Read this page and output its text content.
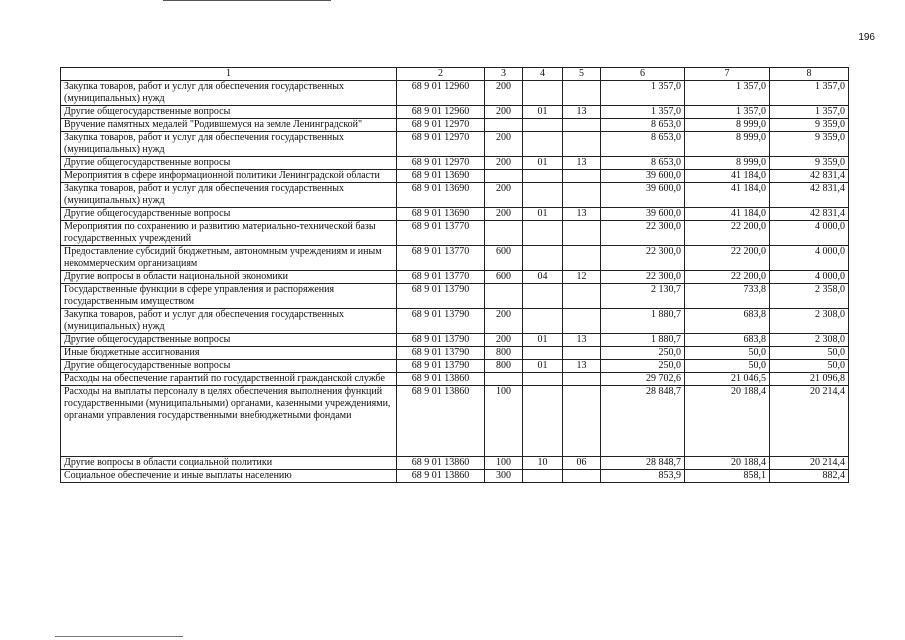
196
1	2	3	4	5	6	7	8
Закупка товаров, работ и услуг для обеспечения государственных (муниципальных) нужд	68 9 01 12960	200			1 357,0	1 357,0	1 357,0
Другие общегосударственные вопросы	68 9 01 12960	200	01	13	1 357,0	1 357,0	1 357,0
Вручение памятных медалей "Родившемуся на земле Ленинградской"	68 9 01 12970				8 653,0	8 999,0	9 359,0
Закупка товаров, работ и услуг для обеспечения государственных (муниципальных) нужд	68 9 01 12970	200			8 653,0	8 999,0	9 359,0
Другие общегосударственные вопросы	68 9 01 12970	200	01	13	8 653,0	8 999,0	9 359,0
Мероприятия в сфере информационной политики Ленинградской области	68 9 01 13690				39 600,0	41 184,0	42 831,4
Закупка товаров, работ и услуг для обеспечения государственных (муниципальных) нужд	68 9 01 13690	200			39 600,0	41 184,0	42 831,4
Другие общегосударственные вопросы	68 9 01 13690	200	01	13	39 600,0	41 184,0	42 831,4
Мероприятия по сохранению и развитию материально-технической базы государственных учреждений	68 9 01 13770				22 300,0	22 200,0	4 000,0
Предоставление субсидий бюджетным, автономным учреждениям и иным некоммерческим организациям	68 9 01 13770	600			22 300,0	22 200,0	4 000,0
Другие вопросы в области национальной экономики	68 9 01 13770	600	04	12	22 300,0	22 200,0	4 000,0
Государственные функции в сфере управления и распоряжения государственным имуществом	68 9 01 13790				2 130,7	733,8	2 358,0
Закупка товаров, работ и услуг для обеспечения государственных (муниципальных) нужд	68 9 01 13790	200			1 880,7	683,8	2 308,0
Другие общегосударственные вопросы	68 9 01 13790	200	01	13	1 880,7	683,8	2 308,0
Иные бюджетные ассигнования	68 9 01 13790	800			250,0	50,0	50,0
Другие общегосударственные вопросы	68 9 01 13790	800	01	13	250,0	50,0	50,0
Расходы на обеспечение гарантий по государственной гражданской службе	68 9 01 13860				29 702,6	21 046,5	21 096,8
Расходы на выплаты персоналу в целях обеспечения выполнения функций государственными (муниципальными) органами, казенными учреждениями, органами управления государственными внебюджетными фондами	68 9 01 13860	100			28 848,7	20 188,4	20 214,4
Другие вопросы в области социальной политики	68 9 01 13860	100	10	06	28 848,7	20 188,4	20 214,4
Социальное обеспечение и иные выплаты населению	68 9 01 13860	300			853,9	858,1	882,4
